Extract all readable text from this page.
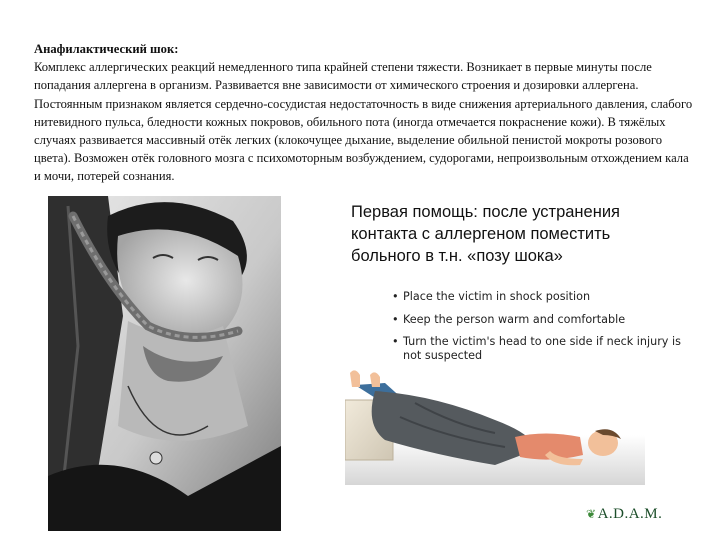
Анафилактический шок:
Комплекс аллергических реакций немедленного типа крайней степени тяжести. Возникает в первые минуты после попадания аллергена в организм. Развивается вне зависимости от химического строения и дозировки аллергена. Постоянным признаком является сердечно-сосудистая недостаточность в виде снижения артериального давления, слабого нитевидного пульса, бледности кожных покровов, обильного пота (иногда отмечается покраснение кожи). В тяжёлых случаях развивается массивный отёк легких (клокочущее дыхание, выделение обильной пенистой мокроты розового цвета). Возможен отёк головного мозга с психомоторным возбуждением, судорогами, непроизвольным отхождением кала и мочи, потерей сознания.
Первая помощь: после устранения контакта с аллергеном поместить больного в т.н. «позу шока»
• Place the victim in shock position
• Keep the person warm and comfortable
• Turn the victim's head to one side if neck injury is not suspected
❦A.D.A.M.
